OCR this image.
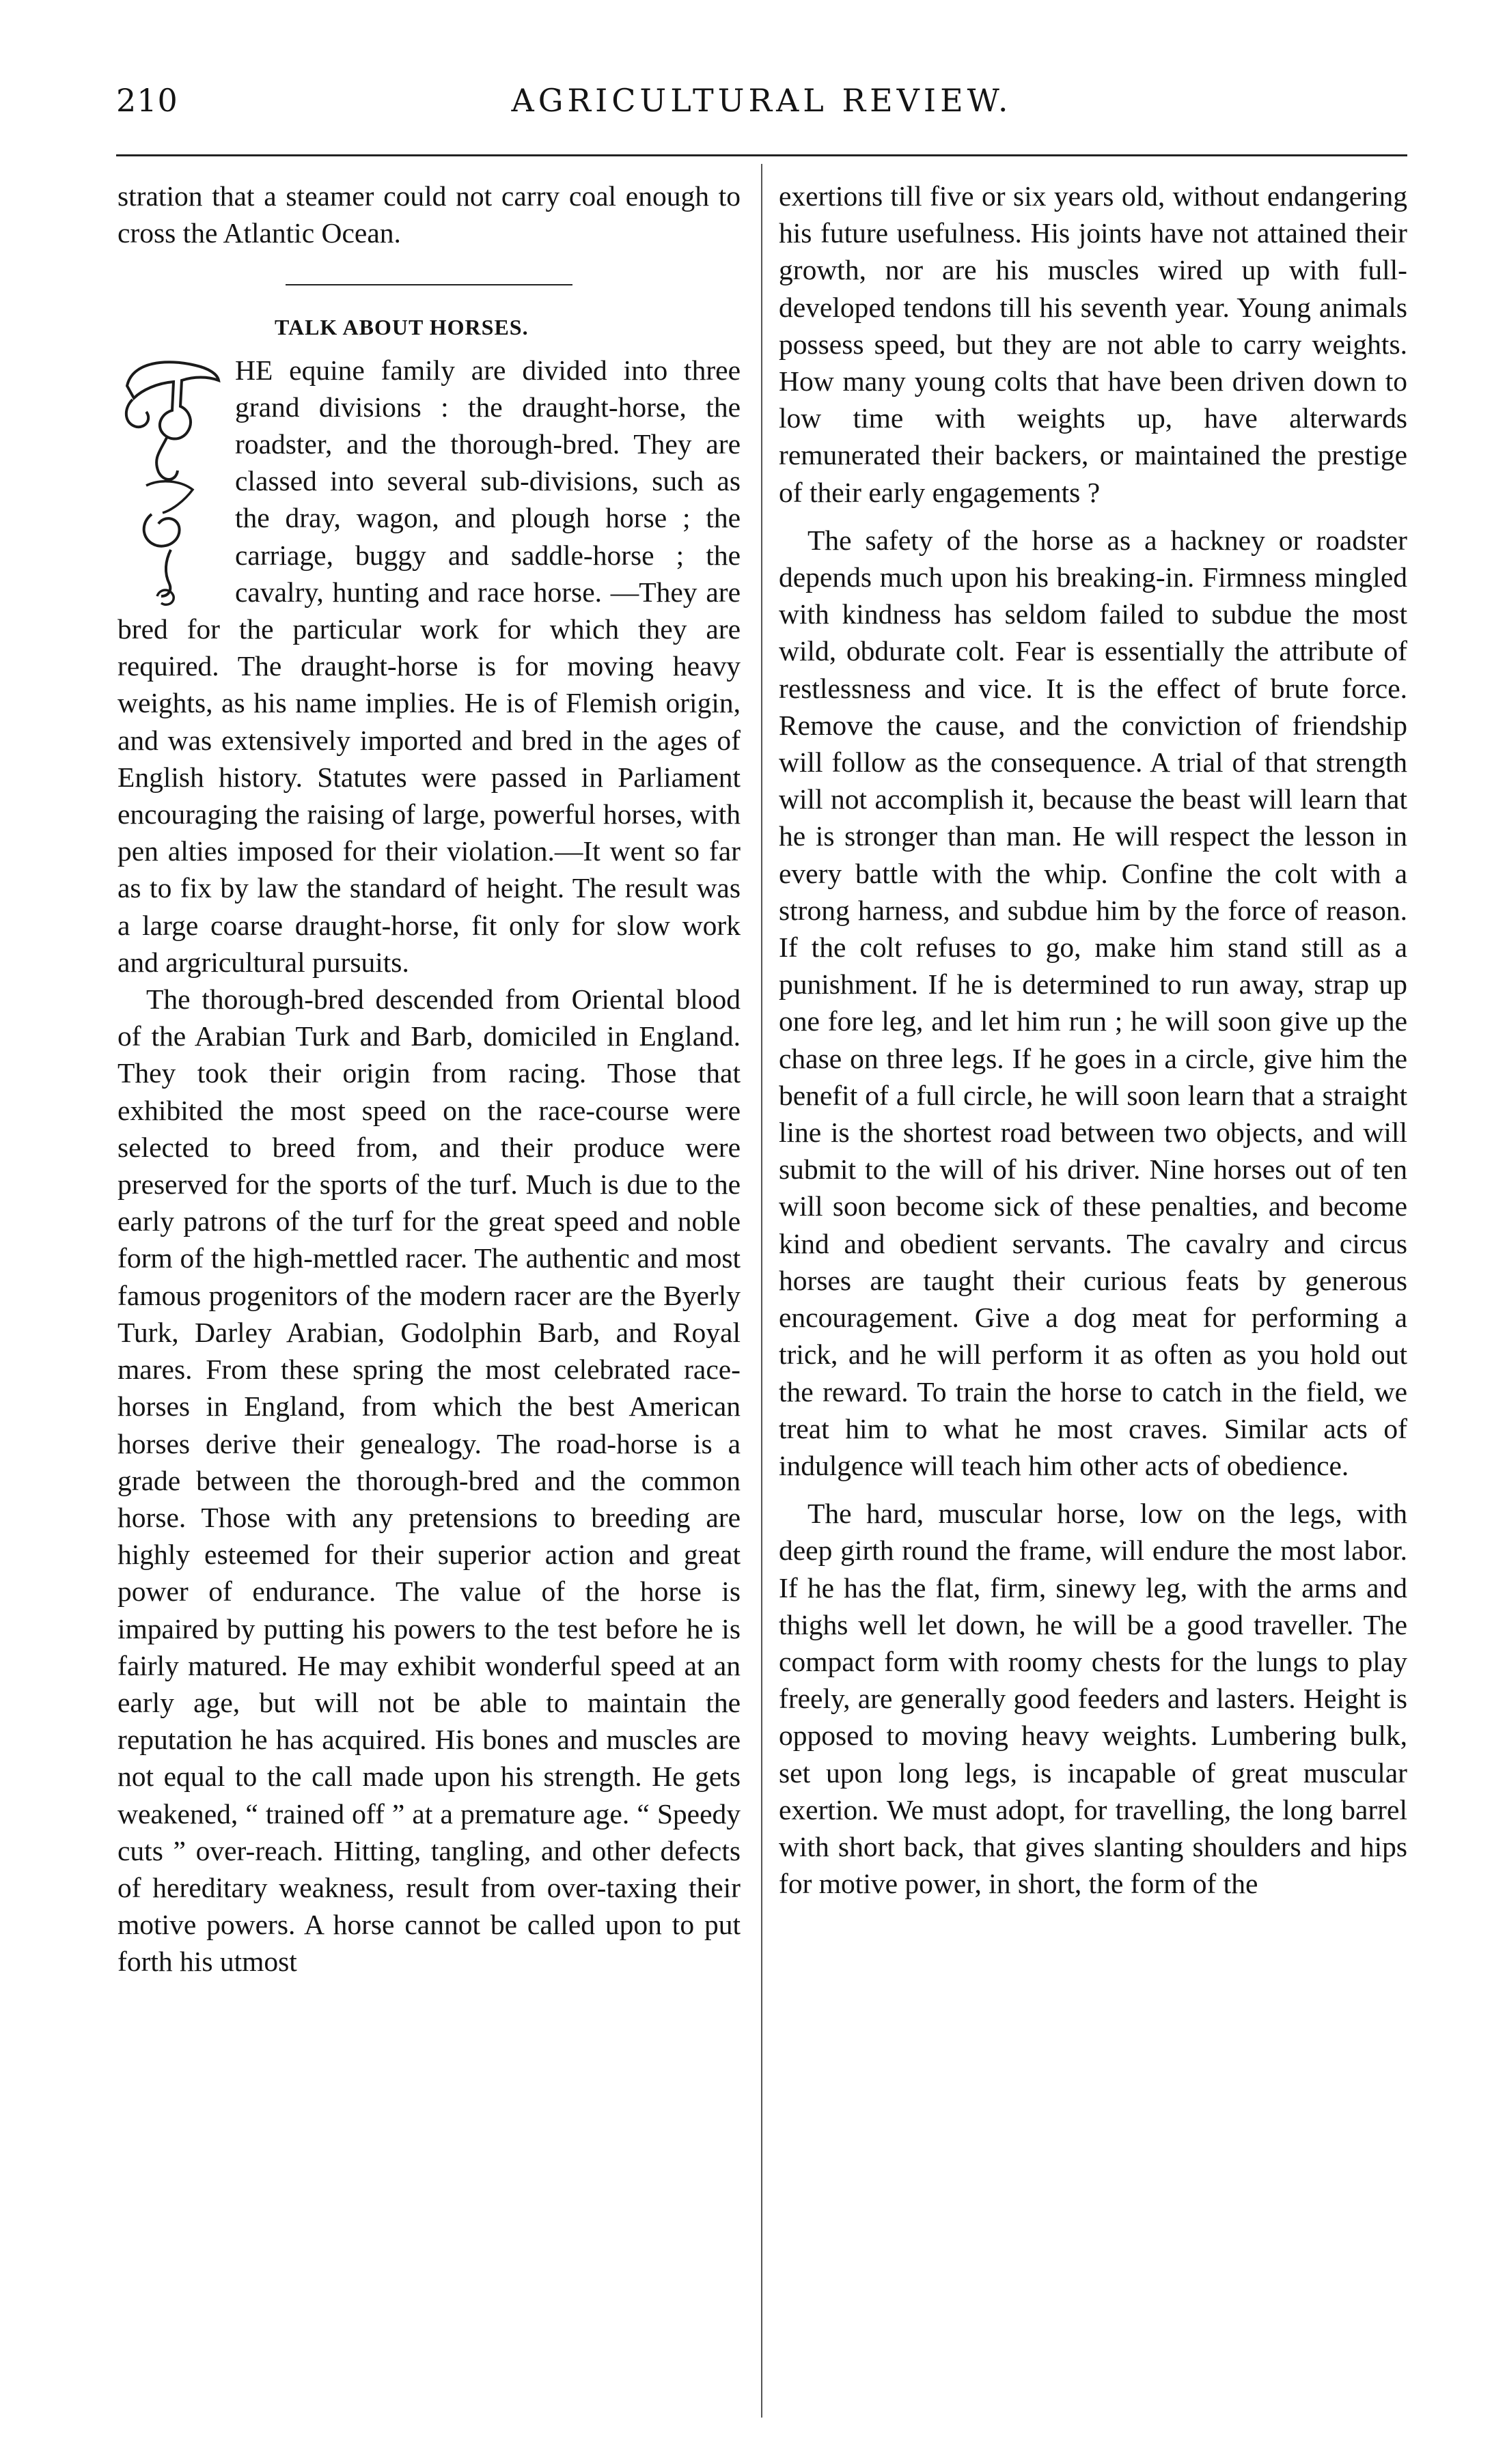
210	AGRICULTURAL REVIEW.

stration that a steamer could not carry coal enough to cross the Atlantic Ocean.

TALK ABOUT HORSES.

HE equine family are divided into three grand divisions : the draught-horse, the roadster, and the thorough-bred. They are classed into several sub-divisions, such as the dray, wagon, and plough horse ; the carriage, buggy and saddle-horse ; the cavalry, hunting and race horse. —They are bred for the particular work for which they are required. The draught-horse is for moving heavy weights, as his name implies. He is of Flemish origin, and was extensively imported and bred in the ages of English history. Statutes were passed in Parliament encouraging the raising of large, powerful horses, with pen alties imposed for their violation.—It went so far as to fix by law the standard of height. The result was a large coarse draught-horse, fit only for slow work and argricultural pursuits.

The thorough-bred descended from Oriental blood of the Arabian Turk and Barb, domiciled in England. They took their origin from racing. Those that exhibited the most speed on the race-course were selected to breed from, and their produce were preserved for the sports of the turf. Much is due to the early patrons of the turf for the great speed and noble form of the high-mettled racer. The authentic and most famous progenitors of the modern racer are the Byerly Turk, Darley Arabian, Godolphin Barb, and Royal mares. From these spring the most celebrated race-horses in England, from which the best American horses derive their genealogy. The road-horse is a grade between the thorough-bred and the common horse. Those with any pretensions to breeding are highly esteemed for their superior action and great power of endurance. The value of the horse is impaired by putting his powers to the test before he is fairly matured. He may exhibit wonderful speed at an early age, but will not be able to maintain the reputation he has acquired. His bones and muscles are not equal to the call made upon his strength. He gets weakened, “ trained off ” at a premature age. “ Speedy cuts ” over-reach. Hitting, tangling, and other defects of hereditary weakness, result from over-taxing their motive powers. A horse cannot be called upon to put forth his utmost

exertions till five or six years old, without endangering his future usefulness. His joints have not attained their growth, nor are his muscles wired up with full-developed tendons till his seventh year. Young animals possess speed, but they are not able to carry weights. How many young colts that have been driven down to low time with weights up, have alterwards remunerated their backers, or maintained the prestige of their early engagements ?

The safety of the horse as a hackney or roadster depends much upon his breaking-in. Firmness mingled with kindness has seldom failed to subdue the most wild, obdurate colt. Fear is essentially the attribute of restlessness and vice. It is the effect of brute force. Remove the cause, and the conviction of friendship will follow as the consequence. A trial of that strength will not accomplish it, because the beast will learn that he is stronger than man. He will respect the lesson in every battle with the whip. Confine the colt with a strong harness, and subdue him by the force of reason. If the colt refuses to go, make him stand still as a punishment. If he is determined to run away, strap up one fore leg, and let him run ; he will soon give up the chase on three legs. If he goes in a circle, give him the benefit of a full circle, he will soon learn that a straight line is the shortest road between two objects, and will submit to the will of his driver. Nine horses out of ten will soon become sick of these penalties, and become kind and obedient servants. The cavalry and circus horses are taught their curious feats by generous encouragement. Give a dog meat for performing a trick, and he will perform it as often as you hold out the reward. To train the horse to catch in the field, we treat him to what he most craves. Similar acts of indulgence will teach him other acts of obedience.

The hard, muscular horse, low on the legs, with deep girth round the frame, will endure the most labor. If he has the flat, firm, sinewy leg, with the arms and thighs well let down, he will be a good traveller. The compact form with roomy chests for the lungs to play freely, are generally good feeders and lasters. Height is opposed to moving heavy weights. Lumbering bulk, set upon long legs, is incapable of great muscular exertion. We must adopt, for travelling, the long barrel with short back, that gives slanting shoulders and hips for motive power, in short, the form of the
